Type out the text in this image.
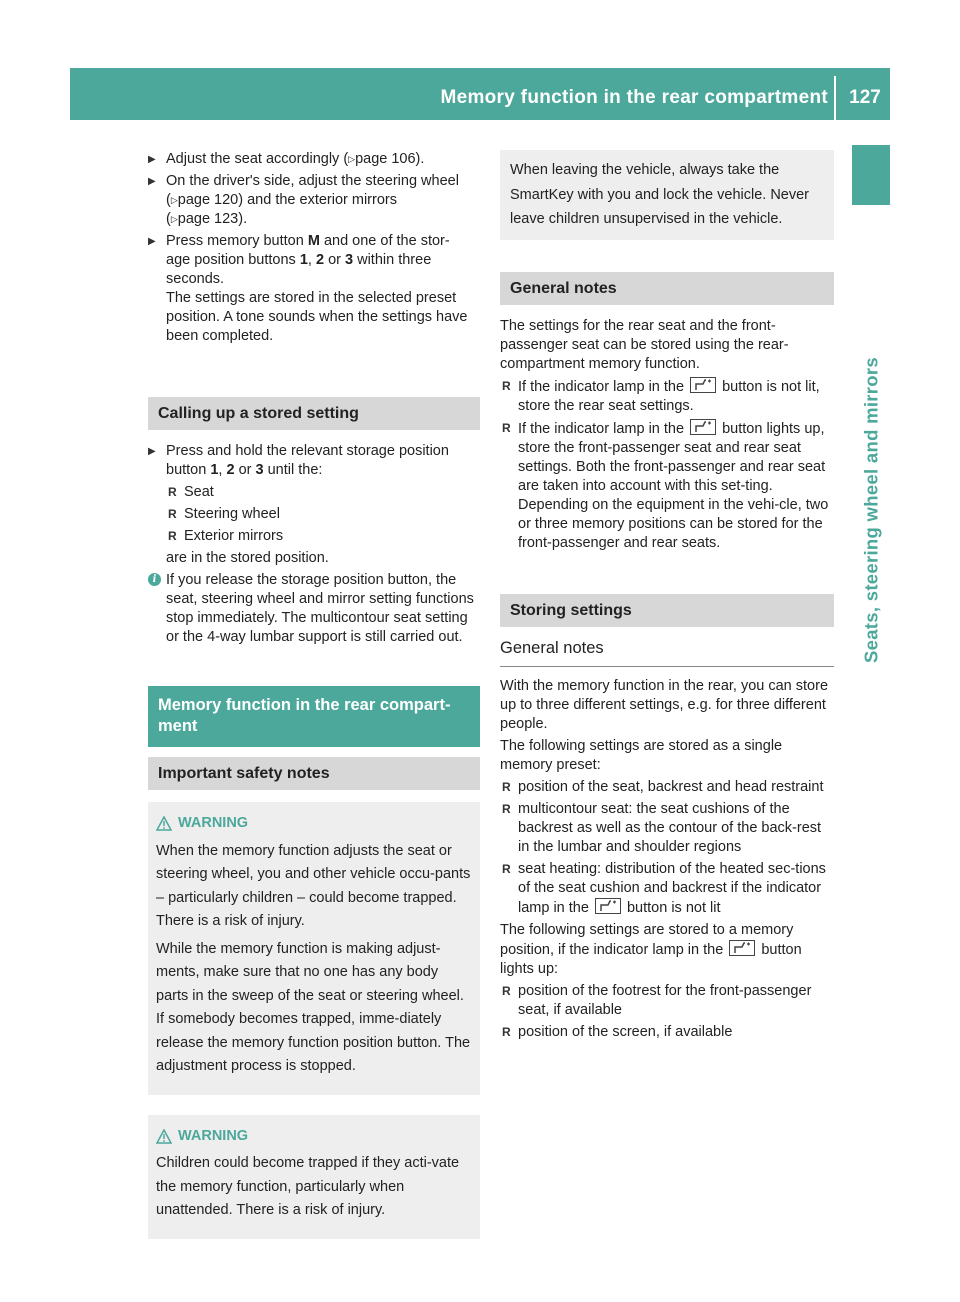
Memory function in the rear compartment	127
Seats, steering wheel and mirrors
▶ Adjust the seat accordingly (▷page 106).
▶ On the driver's side, adjust the steering wheel
(▷page 120) and the exterior mirrors
(▷page 123).
▶ Press memory button M and one of the stor-
age position buttons 1, 2 or 3 within three
seconds.
The settings are stored in the selected preset position. A tone sounds when the settings have been completed.
Calling up a stored setting
▶ Press and hold the relevant storage position
button 1, 2 or 3 until the:
R Seat
R Steering wheel
R Exterior mirrors
are in the stored position.
i If you release the storage position button, the seat, steering wheel and mirror setting functions stop immediately. The multicontour seat setting or the 4-way lumbar support is still carried out.
Memory function in the rear compart-ment
Important safety notes
WARNING

When the memory function adjusts the seat or steering wheel, you and other vehicle occu-pants – particularly children – could become trapped. There is a risk of injury.

While the memory function is making adjust-ments, make sure that no one has any body parts in the sweep of the seat or steering wheel. If somebody becomes trapped, imme-diately release the memory function position button. The adjustment process is stopped.

WARNING

Children could become trapped if they acti-vate the memory function, particularly when unattended. There is a risk of injury.

When leaving the vehicle, always take the SmartKey with you and lock the vehicle. Never leave children unsupervised in the vehicle.
General notes
The settings for the rear seat and the front-passenger seat can be stored using the rear-compartment memory function.
R If the indicator lamp in the
button is not lit, store the rear seat settings.
R If the indicator lamp in the
button lights up, store the front-passenger seat and rear seat settings. Both the front-passenger and rear seat are taken into account with this set-ting. Depending on the equipment in the vehi-cle, two or three memory positions can be stored for the front-passenger and rear seats.
Storing settings
General notes
With the memory function in the rear, you can store up to three different settings, e.g. for three different people.
The following settings are stored as a single memory preset:
R position of the seat, backrest and head restraint
R multicontour seat: the seat cushions of the backrest as well as the contour of the back-rest in the lumbar and shoulder regions
R seat heating: distribution of the heated sec-tions of the seat cushion and backrest if the indicator lamp in the
button is not lit
The following settings are stored to a memory position, if the indicator lamp in the
button lights up:
R position of the footrest for the front-passenger seat, if available
R position of the screen, if available
